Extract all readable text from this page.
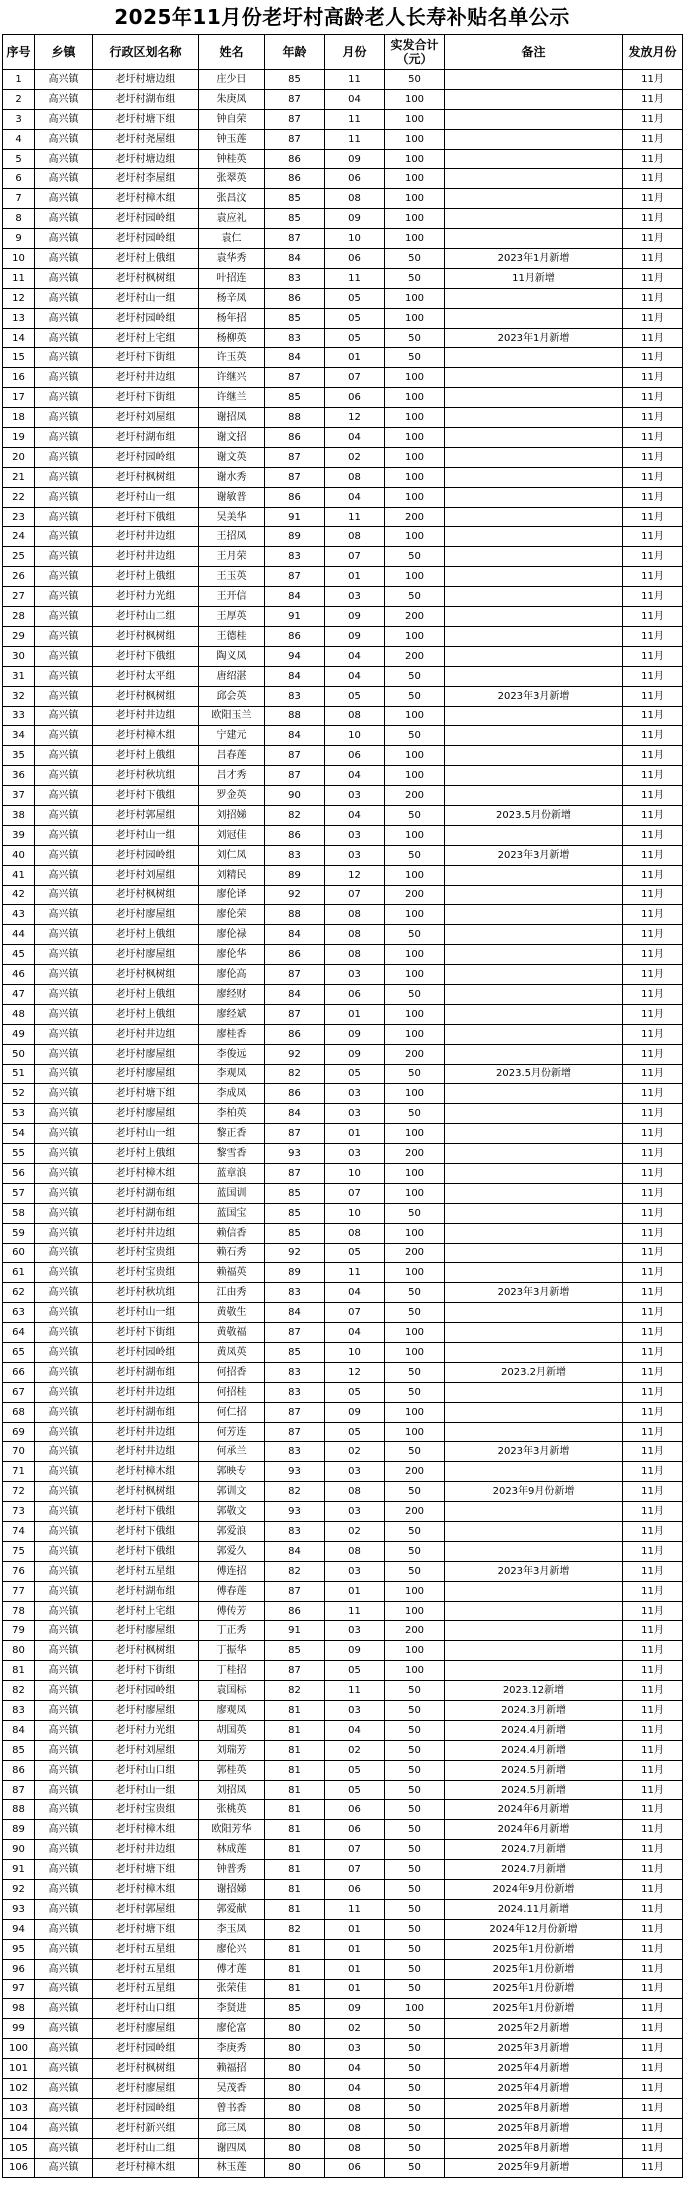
2025年11月份老圩村高龄老人长寿补贴名单公示
序号	乡镇	行政区划名称	姓名	年龄	月份	实发合计（元）	备注	发放月份
1	高兴镇	老圩村塘边组	庄少日	85	11	50		11月
2	高兴镇	老圩村湖布组	朱庚凤	87	04	100		11月
3	高兴镇	老圩村塘下组	钟自荣	87	11	100		11月
4	高兴镇	老圩村尧屋组	钟玉莲	87	11	100		11月
5	高兴镇	老圩村塘边组	钟桂英	86	09	100		11月
6	高兴镇	老圩村李屋组	张翠英	86	06	100		11月
7	高兴镇	老圩村樟木组	张昌汶	85	08	100		11月
8	高兴镇	老圩村园岭组	袁应礼	85	09	100		11月
9	高兴镇	老圩村园岭组	袁仁	87	10	100		11月
10	高兴镇	老圩村上俄组	袁华秀	84	06	50	2023年1月新增	11月
11	高兴镇	老圩村枫树组	叶招连	83	11	50	11月新增	11月
12	高兴镇	老圩村山一组	杨辛凤	86	05	100		11月
13	高兴镇	老圩村园岭组	杨年招	85	05	100		11月
14	高兴镇	老圩村上宅组	杨柳英	83	05	50	2023年1月新增	11月
15	高兴镇	老圩村下街组	许玉英	84	01	50		11月
16	高兴镇	老圩村井边组	许继兴	87	07	100		11月
17	高兴镇	老圩村下街组	许继兰	85	06	100		11月
18	高兴镇	老圩村刘屋组	谢招凤	88	12	100		11月
19	高兴镇	老圩村湖布组	谢文招	86	04	100		11月
20	高兴镇	老圩村园岭组	谢文英	87	02	100		11月
21	高兴镇	老圩村枫树组	谢水秀	87	08	100		11月
22	高兴镇	老圩村山一组	谢敏普	86	04	100		11月
23	高兴镇	老圩村下俄组	吴美华	91	11	200		11月
24	高兴镇	老圩村井边组	王招凤	89	08	100		11月
25	高兴镇	老圩村井边组	王月荣	83	07	50		11月
26	高兴镇	老圩村上俄组	王玉英	87	01	100		11月
27	高兴镇	老圩村力光组	王开信	84	03	50		11月
28	高兴镇	老圩村山二组	王厚英	91	09	200		11月
29	高兴镇	老圩村枫树组	王德桂	86	09	100		11月
30	高兴镇	老圩村下俄组	陶义凤	94	04	200		11月
31	高兴镇	老圩村太平组	唐绍湛	84	04	50		11月
32	高兴镇	老圩村枫树组	邱会英	83	05	50	2023年3月新增	11月
33	高兴镇	老圩村井边组	欧阳玉兰	88	08	100		11月
34	高兴镇	老圩村樟木组	宁建元	84	10	50		11月
35	高兴镇	老圩村上俄组	吕春莲	87	06	100		11月
36	高兴镇	老圩村秋坑组	吕才秀	87	04	100		11月
37	高兴镇	老圩村下俄组	罗金英	90	03	200		11月
38	高兴镇	老圩村郭屋组	刘招娣	82	04	50	2023.5月份新增	11月
39	高兴镇	老圩村山一组	刘冠佳	86	03	100		11月
40	高兴镇	老圩村园岭组	刘仁凤	83	03	50	2023年3月新增	11月
41	高兴镇	老圩村刘屋组	刘精民	89	12	100		11月
42	高兴镇	老圩村枫树组	廖伦译	92	07	200		11月
43	高兴镇	老圩村廖屋组	廖伦荣	88	08	100		11月
44	高兴镇	老圩村上俄组	廖伦禄	84	08	50		11月
45	高兴镇	老圩村廖屋组	廖伦华	86	08	100		11月
46	高兴镇	老圩村枫树组	廖伦高	87	03	100		11月
47	高兴镇	老圩村上俄组	廖经财	84	06	50		11月
48	高兴镇	老圩村上俄组	廖经斌	87	01	100		11月
49	高兴镇	老圩村井边组	廖桂香	86	09	100		11月
50	高兴镇	老圩村廖屋组	李俊远	92	09	200		11月
51	高兴镇	老圩村廖屋组	李观凤	82	05	50	2023.5月份新增	11月
52	高兴镇	老圩村塘下组	李成凤	86	03	100		11月
53	高兴镇	老圩村廖屋组	李柏英	84	03	50		11月
54	高兴镇	老圩村山一组	黎正香	87	01	100		11月
55	高兴镇	老圩村上俄组	黎雪香	93	03	200		11月
56	高兴镇	老圩村樟木组	蓝章浪	87	10	100		11月
57	高兴镇	老圩村湖布组	蓝国训	85	07	100		11月
58	高兴镇	老圩村湖布组	蓝国宝	85	10	50		11月
59	高兴镇	老圩村井边组	赖信香	85	08	100		11月
60	高兴镇	老圩村宝贵组	赖石秀	92	05	200		11月
61	高兴镇	老圩村宝贵组	赖福英	89	11	100		11月
62	高兴镇	老圩村秋坑组	江由秀	83	04	50	2023年3月新增	11月
63	高兴镇	老圩村山一组	黄敬生	84	07	50		11月
64	高兴镇	老圩村下街组	黄敬福	87	04	100		11月
65	高兴镇	老圩村园岭组	黄凤英	85	10	100		11月
66	高兴镇	老圩村湖布组	何招香	83	12	50	2023.2月新增	11月
67	高兴镇	老圩村井边组	何招桂	83	05	50		11月
68	高兴镇	老圩村湖布组	何仁招	87	09	100		11月
69	高兴镇	老圩村井边组	何芳连	87	05	100		11月
70	高兴镇	老圩村井边组	何承兰	83	02	50	2023年3月新增	11月
71	高兴镇	老圩村樟木组	郭映专	93	03	200		11月
72	高兴镇	老圩村枫树组	郭训文	82	08	50	2023年9月份新增	11月
73	高兴镇	老圩村下俄组	郭敬文	93	03	200		11月
74	高兴镇	老圩村下俄组	郭爱浪	83	02	50		11月
75	高兴镇	老圩村下俄组	郭爱久	84	08	50		11月
76	高兴镇	老圩村五星组	傅连招	82	03	50	2023年3月新增	11月
77	高兴镇	老圩村湖布组	傅春莲	87	01	100		11月
78	高兴镇	老圩村上宅组	傅传芳	86	11	100		11月
79	高兴镇	老圩村廖屋组	丁正秀	91	03	200		11月
80	高兴镇	老圩村枫树组	丁振华	85	09	100		11月
81	高兴镇	老圩村下街组	丁桂招	87	05	100		11月
82	高兴镇	老圩村园岭组	袁国标	82	11	50	2023.12新增	11月
83	高兴镇	老圩村廖屋组	廖观凤	81	03	50	2024.3月新增	11月
84	高兴镇	老圩村力光组	胡国英	81	04	50	2024.4月新增	11月
85	高兴镇	老圩村刘屋组	刘瑞芳	81	02	50	2024.4月新增	11月
86	高兴镇	老圩村山口组	郭桂英	81	05	50	2024.5月新增	11月
87	高兴镇	老圩村山一组	刘招凤	81	05	50	2024.5月新增	11月
88	高兴镇	老圩村宝贵组	张桃英	81	06	50	2024年6月新增	11月
89	高兴镇	老圩村樟木组	欧阳芳华	81	06	50	2024年6月新增	11月
90	高兴镇	老圩村井边组	林成莲	81	07	50	2024.7月新增	11月
91	高兴镇	老圩村塘下组	钟普秀	81	07	50	2024.7月新增	11月
92	高兴镇	老圩村樟木组	谢招娣	81	06	50	2024年9月份新增	11月
93	高兴镇	老圩村郭屋组	郭爱献	81	11	50	2024.11月新增	11月
94	高兴镇	老圩村塘下组	李玉凤	82	01	50	2024年12月份新增	11月
95	高兴镇	老圩村五星组	廖伦兴	81	01	50	2025年1月份新增	11月
96	高兴镇	老圩村五星组	傅才莲	81	01	50	2025年1月份新增	11月
97	高兴镇	老圩村五星组	张荣佳	81	01	50	2025年1月份新增	11月
98	高兴镇	老圩村山口组	李贤进	85	09	100	2025年1月份新增	11月
99	高兴镇	老圩村廖屋组	廖伦富	80	02	50	2025年2月新增	11月
100	高兴镇	老圩村园岭组	李庚秀	80	03	50	2025年3月新增	11月
101	高兴镇	老圩村枫树组	赖福招	80	04	50	2025年4月新增	11月
102	高兴镇	老圩村廖屋组	吴茂香	80	04	50	2025年4月新增	11月
103	高兴镇	老圩村园岭组	曾书香	80	08	50	2025年8月新增	11月
104	高兴镇	老圩村新兴组	邱三凤	80	08	50	2025年8月新增	11月
105	高兴镇	老圩村山二组	谢四凤	80	08	50	2025年8月新增	11月
106	高兴镇	老圩村樟木组	林玉莲	80	06	50	2025年9月新增	11月
